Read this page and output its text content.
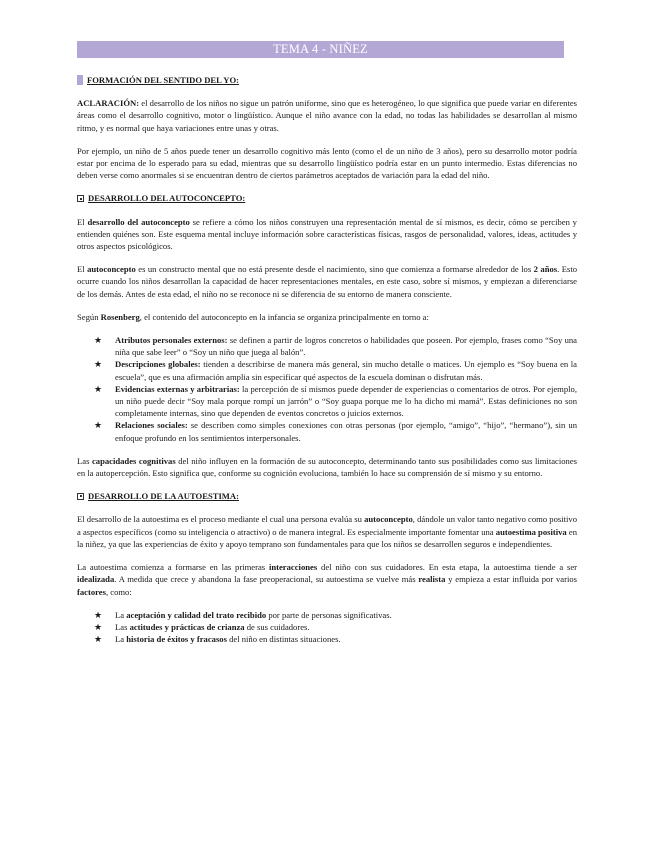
TEMA 4 - NIÑEZ
FORMACIÓN DEL SENTIDO DEL YO :

ACLARACIÓN: el desarrollo de los niños no sigue un patrón uniforme, sino que es heterogéneo, lo que significa que puede variar en diferentes áreas como el desarrollo cognitivo, motor o lingüístico. Aunque el niño avance con la edad, no todas las habilidades se desarrollan al mismo ritmo, y es normal que haya variaciones entre unas y otras.

Por ejemplo, un niño de 5 años puede tener un desarrollo cognitivo más lento (como el de un niño de 3 años), pero su desarrollo motor podría estar por encima de lo esperado para su edad, mientras que su desarrollo lingüístico podría estar en un punto intermedio. Estas diferencias no deben verse como anormales si se encuentran dentro de ciertos parámetros aceptados de variación para la edad del niño.

DESARROLLO DEL AUTOCONCEPTO :

El desarrollo del autoconcepto se refiere a cómo los niños construyen una representación mental de sí mismos, es decir, cómo se perciben y entienden quiénes son. Este esquema mental incluye información sobre características físicas, rasgos de personalidad, valores, ideas, actitudes y otros aspectos psicológicos.

El autoconcepto es un constructo mental que no está presente desde el nacimiento, sino que comienza a formarse alrededor de los 2 años. Esto ocurre cuando los niños desarrollan la capacidad de hacer representaciones mentales, en este caso, sobre sí mismos, y empiezan a diferenciarse de los demás. Antes de esta edad, el niño no se reconoce ni se diferencia de su entorno de manera consciente.

Según Rosenberg, el contenido del autoconcepto en la infancia se organiza principalmente en torno a:

★ Atributos personales externos: se definen a partir de logros concretos o habilidades que poseen. Por ejemplo, frases como “Soy una niña que sabe leer” o “Soy un niño que juega al balón”.
★ Descripciones globales: tienden a describirse de manera más general, sin mucho detalle o matices. Un ejemplo es “Soy buena en la escuela”, que es una afirmación amplia sin especificar qué aspectos de la escuela dominan o disfrutan más.
★ Evidencias externas y arbitrarias: la percepción de sí mismos puede depender de experiencias o comentarios de otros. Por ejemplo, un niño puede decir “Soy mala porque rompí un jarrón” o “Soy guapa porque me lo ha dicho mi mamá”. Estas definiciones no son completamente internas, sino que dependen de eventos concretos o juicios externos.
★ Relaciones sociales: se describen como simples conexiones con otras personas (por ejemplo, “amigo”, “hijo”, “hermano”), sin un enfoque profundo en los sentimientos interpersonales.

Las capacidades cognitivas del niño influyen en la formación de su autoconcepto, determinando tanto sus posibilidades como sus limitaciones en la autopercepción. Esto significa que, conforme su cognición evoluciona, también lo hace su comprensión de sí mismo y su entorno.

DESARROLLO DE LA AUTOESTIMA :

El desarrollo de la autoestima es el proceso mediante el cual una persona evalúa su autoconcepto, dándole un valor tanto negativo como positivo a aspectos específicos (como su inteligencia o atractivo) o de manera integral. Es especialmente importante fomentar una autoestima positiva en la niñez, ya que las experiencias de éxito y apoyo temprano son fundamentales para que los niños se desarrollen seguros e independientes.

La autoestima comienza a formarse en las primeras interacciones del niño con sus cuidadores. En esta etapa, la autoestima tiende a ser idealizada. A medida que crece y abandona la fase preoperacional, su autoestima se vuelve más realista y empieza a estar influida por varios factores, como:

★ La aceptación y calidad del trato recibido por parte de personas significativas.
★ Las actitudes y prácticas de crianza de sus cuidadores.
★ La historia de éxitos y fracasos del niño en distintas situaciones.
